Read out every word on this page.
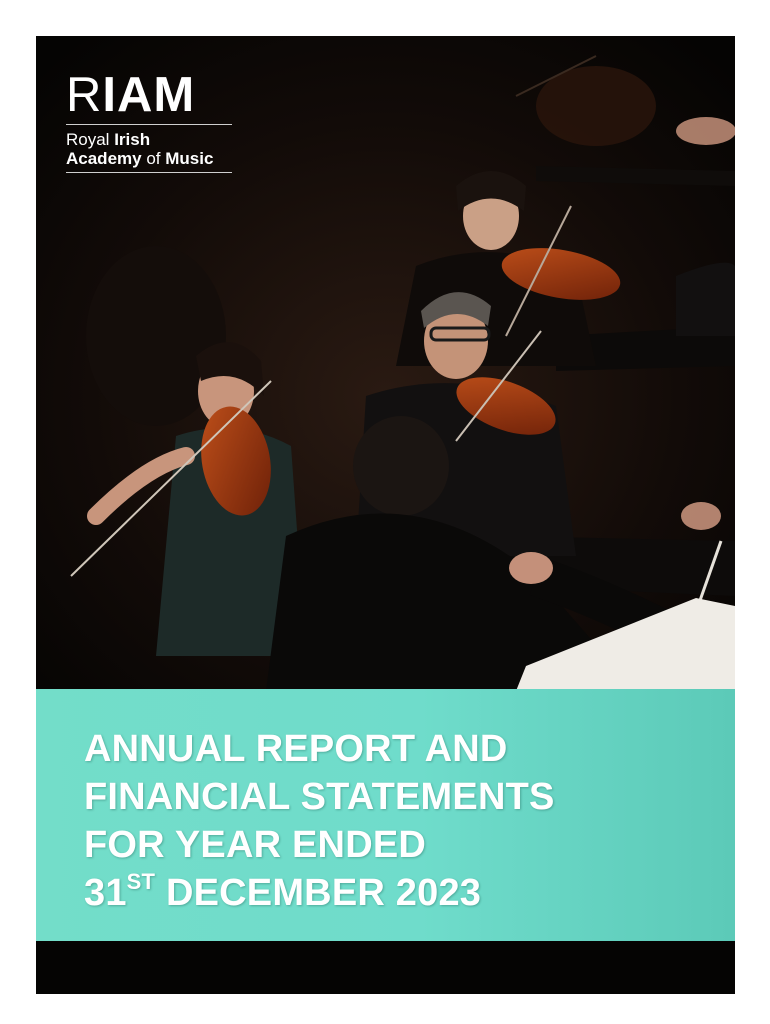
RIAM
Royal Irish
Academy of Music
ANNUAL REPORT AND
FINANCIAL STATEMENTS
FOR YEAR ENDED
31ST DECEMBER 2023
